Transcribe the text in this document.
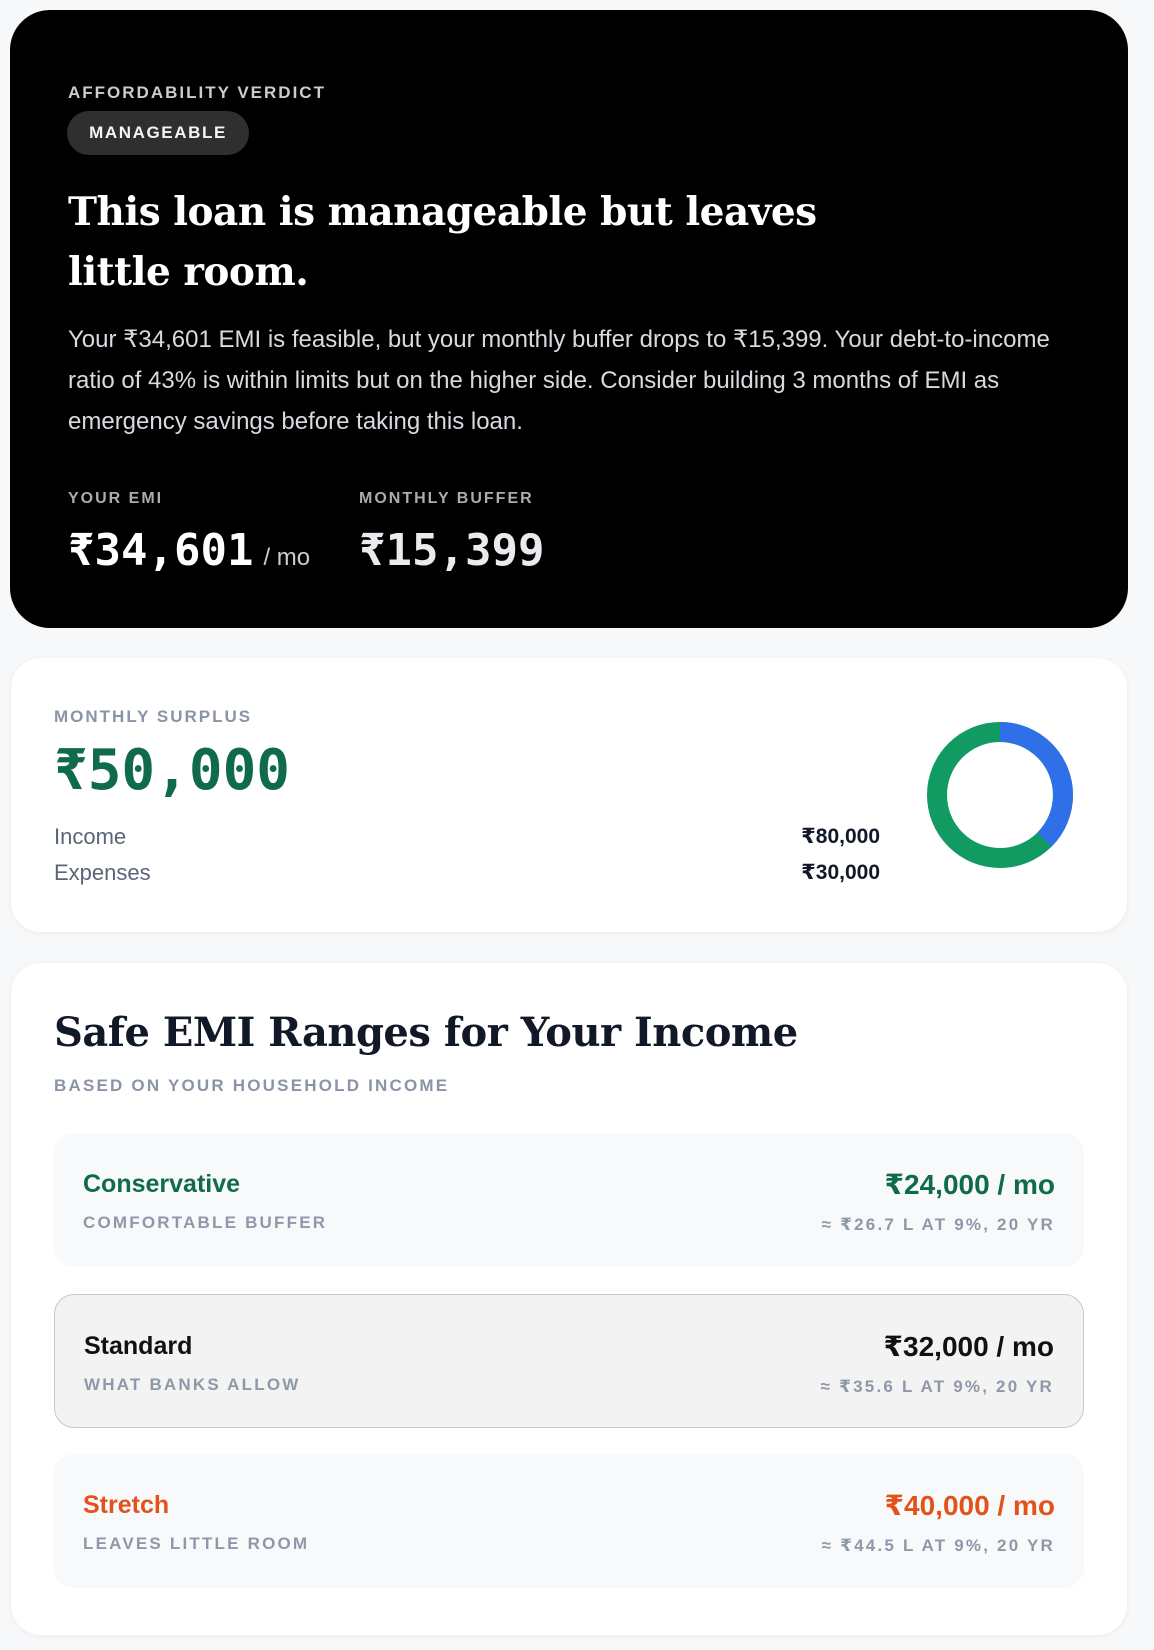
AFFORDABILITY VERDICT
MANAGEABLE
This loan is manageable but leaves little room.

Your ₹34,601 EMI is feasible, but your monthly buffer drops to ₹15,399. Your debt-to-income ratio of 43% is within limits but on the higher side. Consider building 3 months of EMI as emergency savings before taking this loan.

YOUR EMI
₹34,601 / mo
MONTHLY BUFFER
₹15,399
MONTHLY SURPLUS
₹50,000
Income	₹80,000
Expenses	₹30,000
Safe EMI Ranges for Your Income
BASED ON YOUR HOUSEHOLD INCOME
Conservative
COMFORTABLE BUFFER
₹24,000 / mo
≈ ₹26.7 L AT 9%, 20 YR
Standard
WHAT BANKS ALLOW
₹32,000 / mo
≈ ₹35.6 L AT 9%, 20 YR
Stretch
LEAVES LITTLE ROOM
₹40,000 / mo
≈ ₹44.5 L AT 9%, 20 YR
